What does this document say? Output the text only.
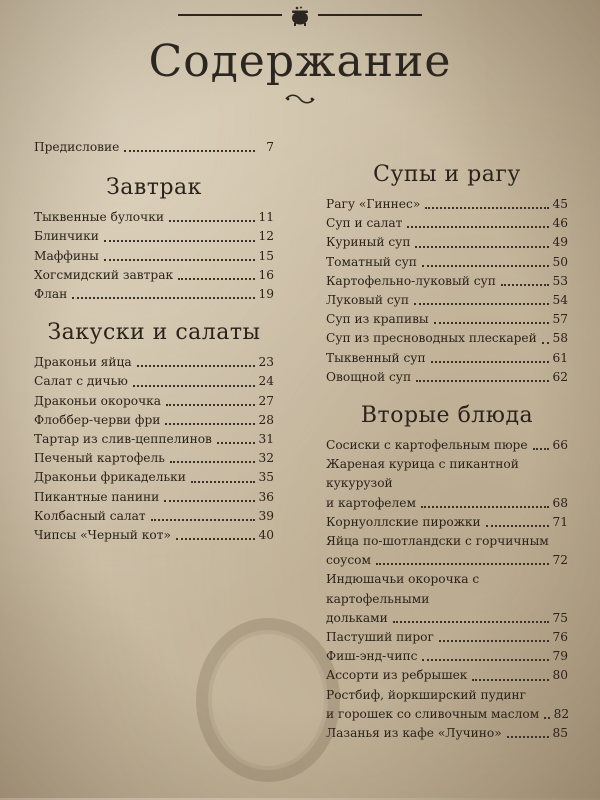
Содержание
Предисловие	7
Завтрак
Тыквенные булочки	11
Блинчики	12
Маффины	15
Хогсмидский завтрак	16
Флан	19
Закуски и салаты
Драконьи яйца	23
Салат с дичью	24
Драконьи окорочка	27
Флоббер-черви фри	28
Тартар из слив-цеппелинов	31
Печеный картофель	32
Драконьи фрикадельки	35
Пикантные панини	36
Колбасный салат	39
Чипсы «Черный кот»	40
Супы и рагу
Рагу «Гиннес»	45
Суп и салат	46
Куриный суп	49
Томатный суп	50
Картофельно-луковый суп	53
Луковый суп	54
Суп из крапивы	57
Суп из пресноводных плескарей 58
Тыквенный суп	61
Овощной суп	62
Вторые блюда
Сосиски с картофельным пюре 66
Жареная курица с пикантной кукурузой
и картофелем	68
Корнуоллские пирожки	71
Яйца по-шотландски с горчичным
соусом	72
Индюшачьи окорочка с картофельными
дольками	75
Пастуший пирог	76
Фиш-энд-чипс	79
Ассорти из ребрышек	80
Ростбиф, йоркширский пудинг
и горошек со сливочным маслом 82
Лазанья из кафе «Лучино»	85
